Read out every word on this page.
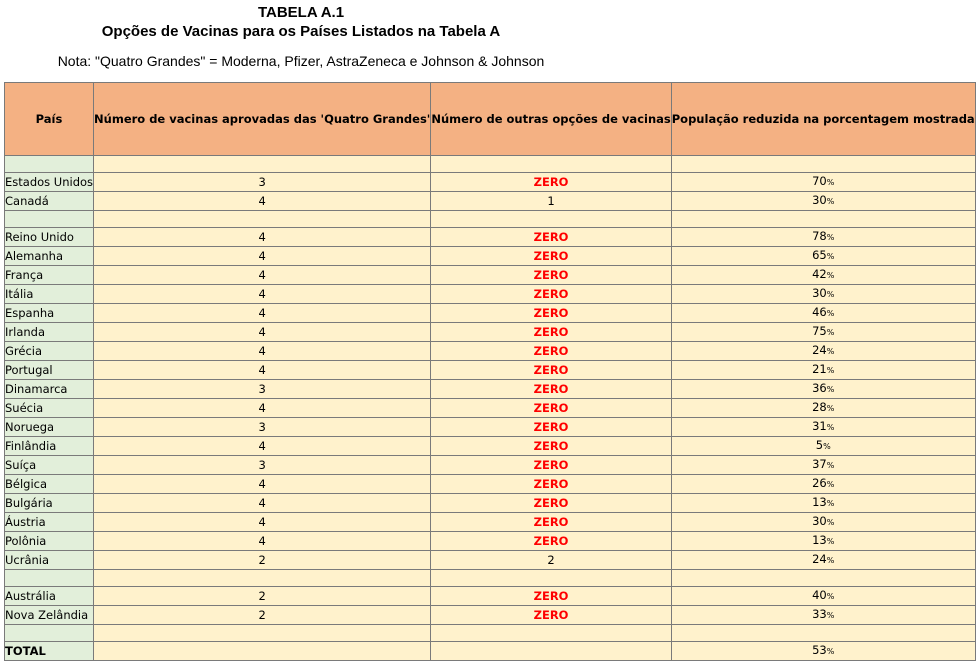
TABELA A.1
Opções de Vacinas para os Países Listados na Tabela A
Nota: "Quatro Grandes" = Moderna, Pfizer, AstraZeneca e Johnson & Johnson
País	Número de vacinas aprovadas das 'Quatro Grandes'	Número de outras opções de vacinas	População reduzida na porcentagem mostrada

Estados Unidos	3	ZERO	70%
Canadá	4	1	30%

Reino Unido	4	ZERO	78%
Alemanha	4	ZERO	65%
França	4	ZERO	42%
Itália	4	ZERO	30%
Espanha	4	ZERO	46%
Irlanda	4	ZERO	75%
Grécia	4	ZERO	24%
Portugal	4	ZERO	21%
Dinamarca	3	ZERO	36%
Suécia	4	ZERO	28%
Noruega	3	ZERO	31%
Finlândia	4	ZERO	5%
Suíça	3	ZERO	37%
Bélgica	4	ZERO	26%
Bulgária	4	ZERO	13%
Áustria	4	ZERO	30%
Polônia	4	ZERO	13%
Ucrânia	2	2	24%

Austrália	2	ZERO	40%
Nova Zelândia	2	ZERO	33%

TOTAL			53%
